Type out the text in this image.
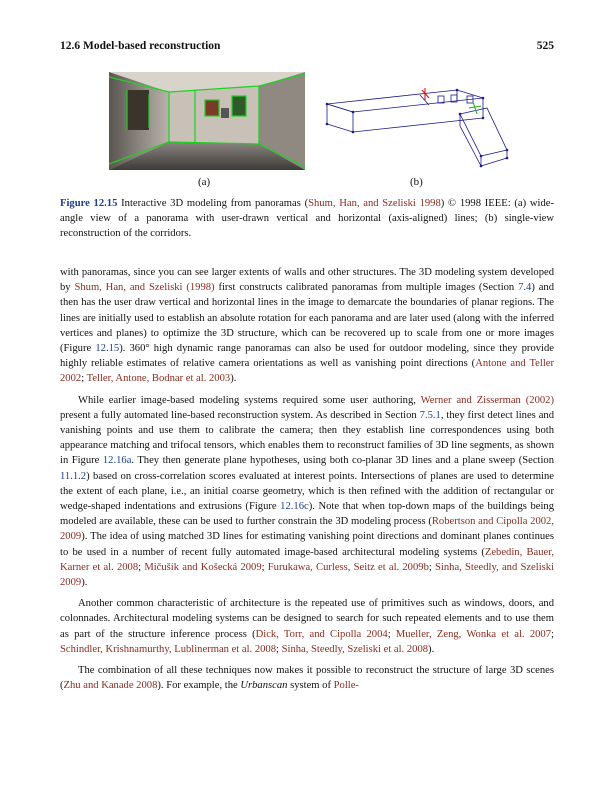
12.6 Model-based reconstruction	525
(a)	(b)
Figure 12.15 Interactive 3D modeling from panoramas (Shum, Han, and Szeliski 1998) © 1998 IEEE: (a) wide-angle view of a panorama with user-drawn vertical and horizontal (axis-aligned) lines; (b) single-view reconstruction of the corridors.

with panoramas, since you can see larger extents of walls and other structures. The 3D modeling system developed by Shum, Han, and Szeliski (1998) first constructs calibrated panoramas from multiple images (Section 7.4) and then has the user draw vertical and horizontal lines in the image to demarcate the boundaries of planar regions. The lines are initially used to establish an absolute rotation for each panorama and are later used (along with the inferred vertices and planes) to optimize the 3D structure, which can be recovered up to scale from one or more images (Figure 12.15). 360° high dynamic range panoramas can also be used for outdoor modeling, since they provide highly reliable estimates of relative camera orientations as well as vanishing point directions (Antone and Teller 2002; Teller, Antone, Bodnar et al. 2003).

While earlier image-based modeling systems required some user authoring, Werner and Zisserman (2002) present a fully automated line-based reconstruction system. As described in Section 7.5.1, they first detect lines and vanishing points and use them to calibrate the camera; then they establish line correspondences using both appearance matching and trifocal tensors, which enables them to reconstruct families of 3D line segments, as shown in Figure 12.16a. They then generate plane hypotheses, using both co-planar 3D lines and a plane sweep (Section 11.1.2) based on cross-correlation scores evaluated at interest points. Intersections of planes are used to determine the extent of each plane, i.e., an initial coarse geometry, which is then refined with the addition of rectangular or wedge-shaped indentations and extrusions (Figure 12.16c). Note that when top-down maps of the buildings being modeled are available, these can be used to further constrain the 3D modeling process (Robertson and Cipolla 2002, 2009). The idea of using matched 3D lines for estimating vanishing point directions and dominant planes continues to be used in a number of recent fully automated image-based architectural modeling systems (Zebedin, Bauer, Karner et al. 2008; Mičušík and Košecká 2009; Furukawa, Curless, Seitz et al. 2009b; Sinha, Steedly, and Szeliski 2009).

Another common characteristic of architecture is the repeated use of primitives such as windows, doors, and colonnades. Architectural modeling systems can be designed to search for such repeated elements and to use them as part of the structure inference process (Dick, Torr, and Cipolla 2004; Mueller, Zeng, Wonka et al. 2007; Schindler, Krishnamurthy, Lublinerman et al. 2008; Sinha, Steedly, Szeliski et al. 2008).

The combination of all these techniques now makes it possible to reconstruct the structure of large 3D scenes (Zhu and Kanade 2008). For example, the Urbanscan system of Polle-
